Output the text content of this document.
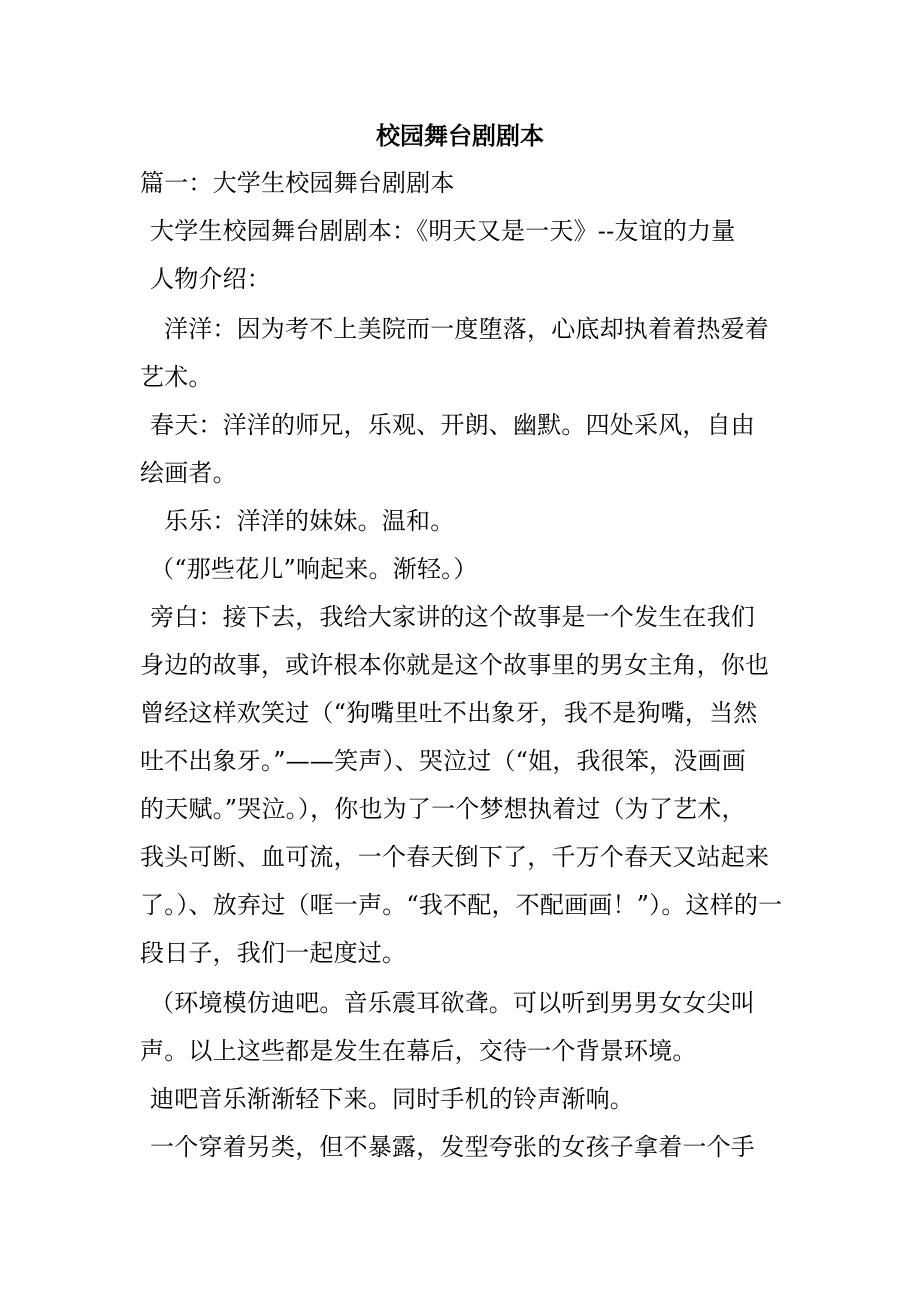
校园舞台剧剧本
篇一：大学生校园舞台剧剧本
大学生校园舞台剧剧本：《明天又是一天》--友谊的力量
人物介绍：
洋洋：因为考不上美院而一度堕落，心底却执着着热爱着
艺术。
春天：洋洋的师兄，乐观、开朗、幽默。四处采风，自由
绘画者。
乐乐：洋洋的妹妹。温和。
（“那些花儿”响起来。渐轻。）
旁白：接下去，我给大家讲的这个故事是一个发生在我们
身边的故事，或许根本你就是这个故事里的男女主角，你也
曾经这样欢笑过（“狗嘴里吐不出象牙，我不是狗嘴，当然
吐不出象牙。”——笑声）、哭泣过（“姐，我很笨，没画画
的天赋。”哭泣。），你也为了一个梦想执着过（为了艺术，
我头可断、血可流，一个春天倒下了，千万个春天又站起来
了。）、放弃过（哐一声。“我不配，不配画画！”）。这样的一
段日子，我们一起度过。
（环境模仿迪吧。音乐震耳欲聋。可以听到男男女女尖叫
声。以上这些都是发生在幕后，交待一个背景环境。
迪吧音乐渐渐轻下来。同时手机的铃声渐响。
一个穿着另类，但不暴露，发型夸张的女孩子拿着一个手
